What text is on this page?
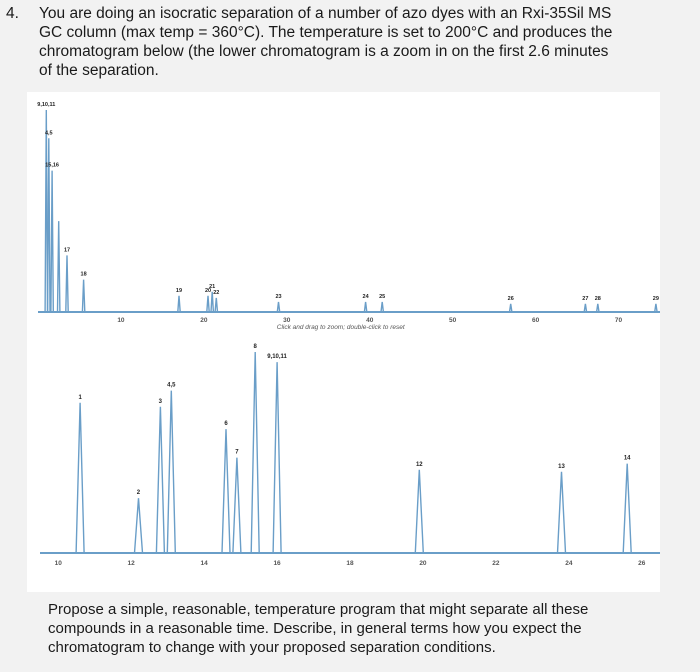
4. You are doing an isocratic separation of a number of azo dyes with an Rxi-35Sil MS
GC column (max temp = 360°C). The temperature is set to 200°C and produces the
chromatogram below (the lower chromatogram is a zoom in on the first 2.6 minutes
of the separation.
9,10,11
4,5
15,16
17
18
19	20
21
22
23	24 25	26	27 28	29
10	20	30	40	50	60	70
Click and drag to zoom; double-click to reset
1
2
3
4,5
6
7
8
9,10,11
12	13
14
10	12	14	16	18	20	22	24	26
Propose a simple, reasonable, temperature program that might separate all these
compounds in a reasonable time. Describe, in general terms how you expect the
chromatogram to change with your proposed separation conditions.
